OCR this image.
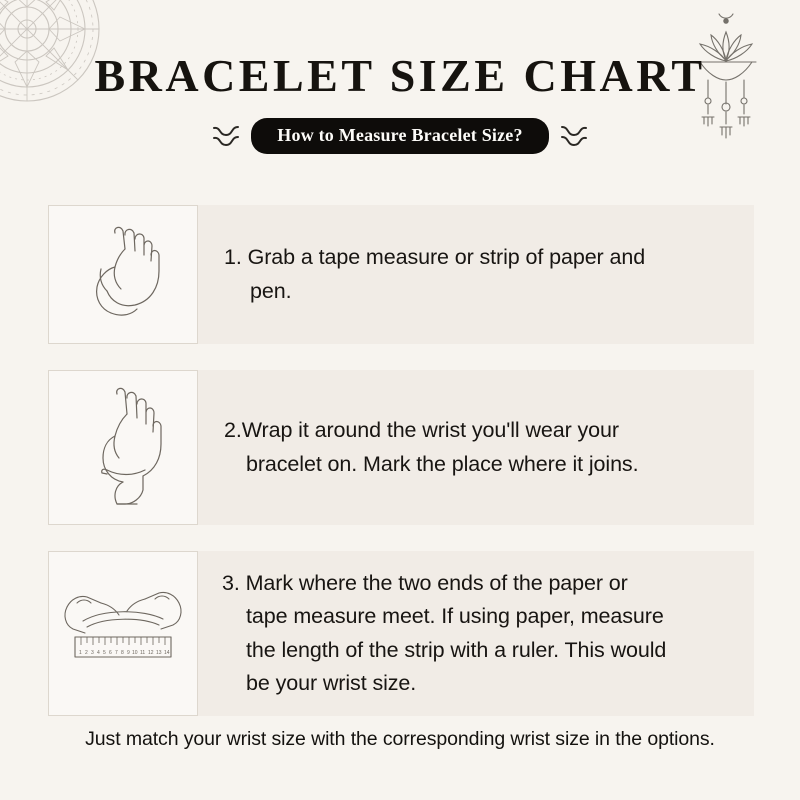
BRACELET SIZE CHART
How to Measure Bracelet Size?
1. Grab a tape measure or strip of paper and
pen.
2.Wrap it around the wrist you'll wear your
bracelet on. Mark the place where it joins.
1 2 3 4 5 6 7 8 9 10 11 12 13 14
3. Mark where the two ends of the paper or
tape measure meet. If using paper, measure
the length of the strip with a ruler. This would
be your wrist size.
Just match your wrist size with the corresponding wrist size in the options.
